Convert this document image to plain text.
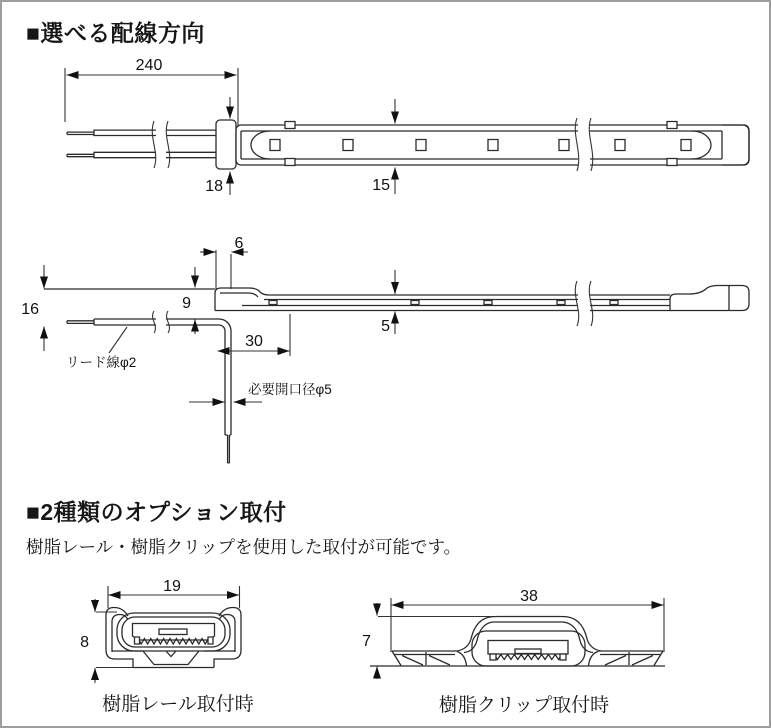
240
18	15
16	9
6
5
30
必要開口径φ5
リード線φ2
19
8
38
7
■選べる配線方向
■2種類のオプション取付
樹脂レール・樹脂クリップを使用した取付が可能です。
樹脂レール取付時	樹脂クリップ取付時
